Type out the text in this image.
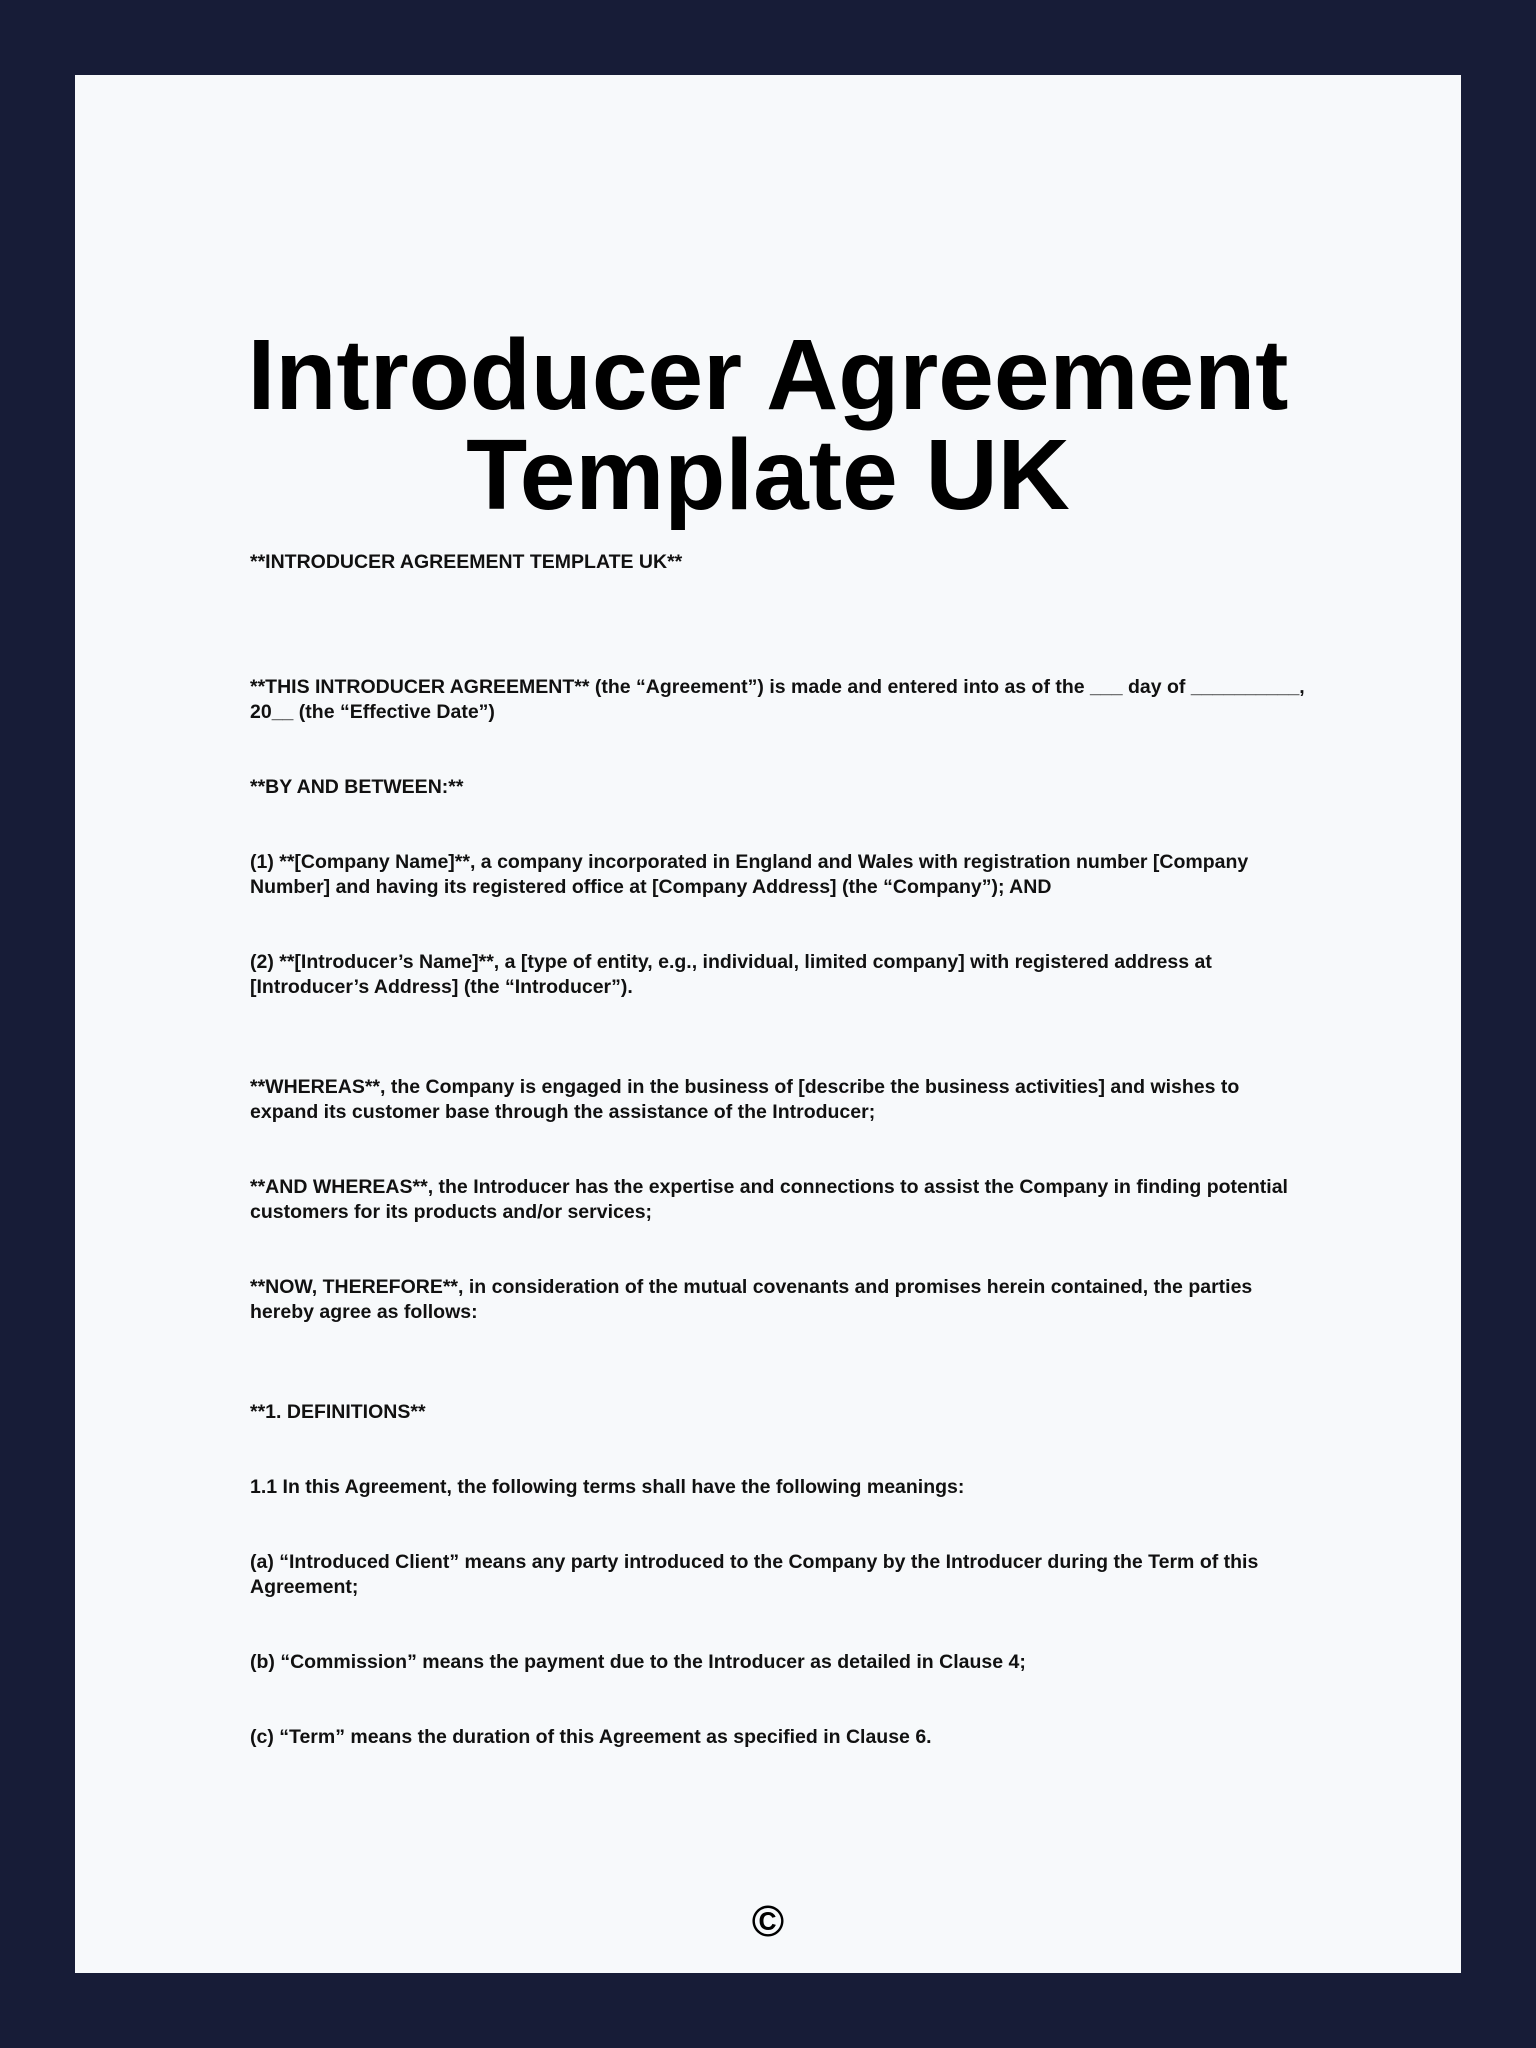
Introducer Agreement
Template UK

**INTRODUCER AGREEMENT TEMPLATE UK**

**THIS INTRODUCER AGREEMENT** (the “Agreement”) is made and entered into as of the ___ day of __________, 20__ (the “Effective Date”)

**BY AND BETWEEN:**

(1) **[Company Name]**, a company incorporated in England and Wales with registration number [Company Number] and having its registered office at [Company Address] (the “Company”); AND

(2) **[Introducer’s Name]**, a [type of entity, e.g., individual, limited company] with registered address at [Introducer’s Address] (the “Introducer”).

**WHEREAS**, the Company is engaged in the business of [describe the business activities] and wishes to expand its customer base through the assistance of the Introducer;

**AND WHEREAS**, the Introducer has the expertise and connections to assist the Company in finding potential customers for its products and/or services;

**NOW, THEREFORE**, in consideration of the mutual covenants and promises herein contained, the parties hereby agree as follows:

**1. DEFINITIONS**

1.1 In this Agreement, the following terms shall have the following meanings:

(a) “Introduced Client” means any party introduced to the Company by the Introducer during the Term of this Agreement;

(b) “Commission” means the payment due to the Introducer as detailed in Clause 4;

(c) “Term” means the duration of this Agreement as specified in Clause 6.

©
